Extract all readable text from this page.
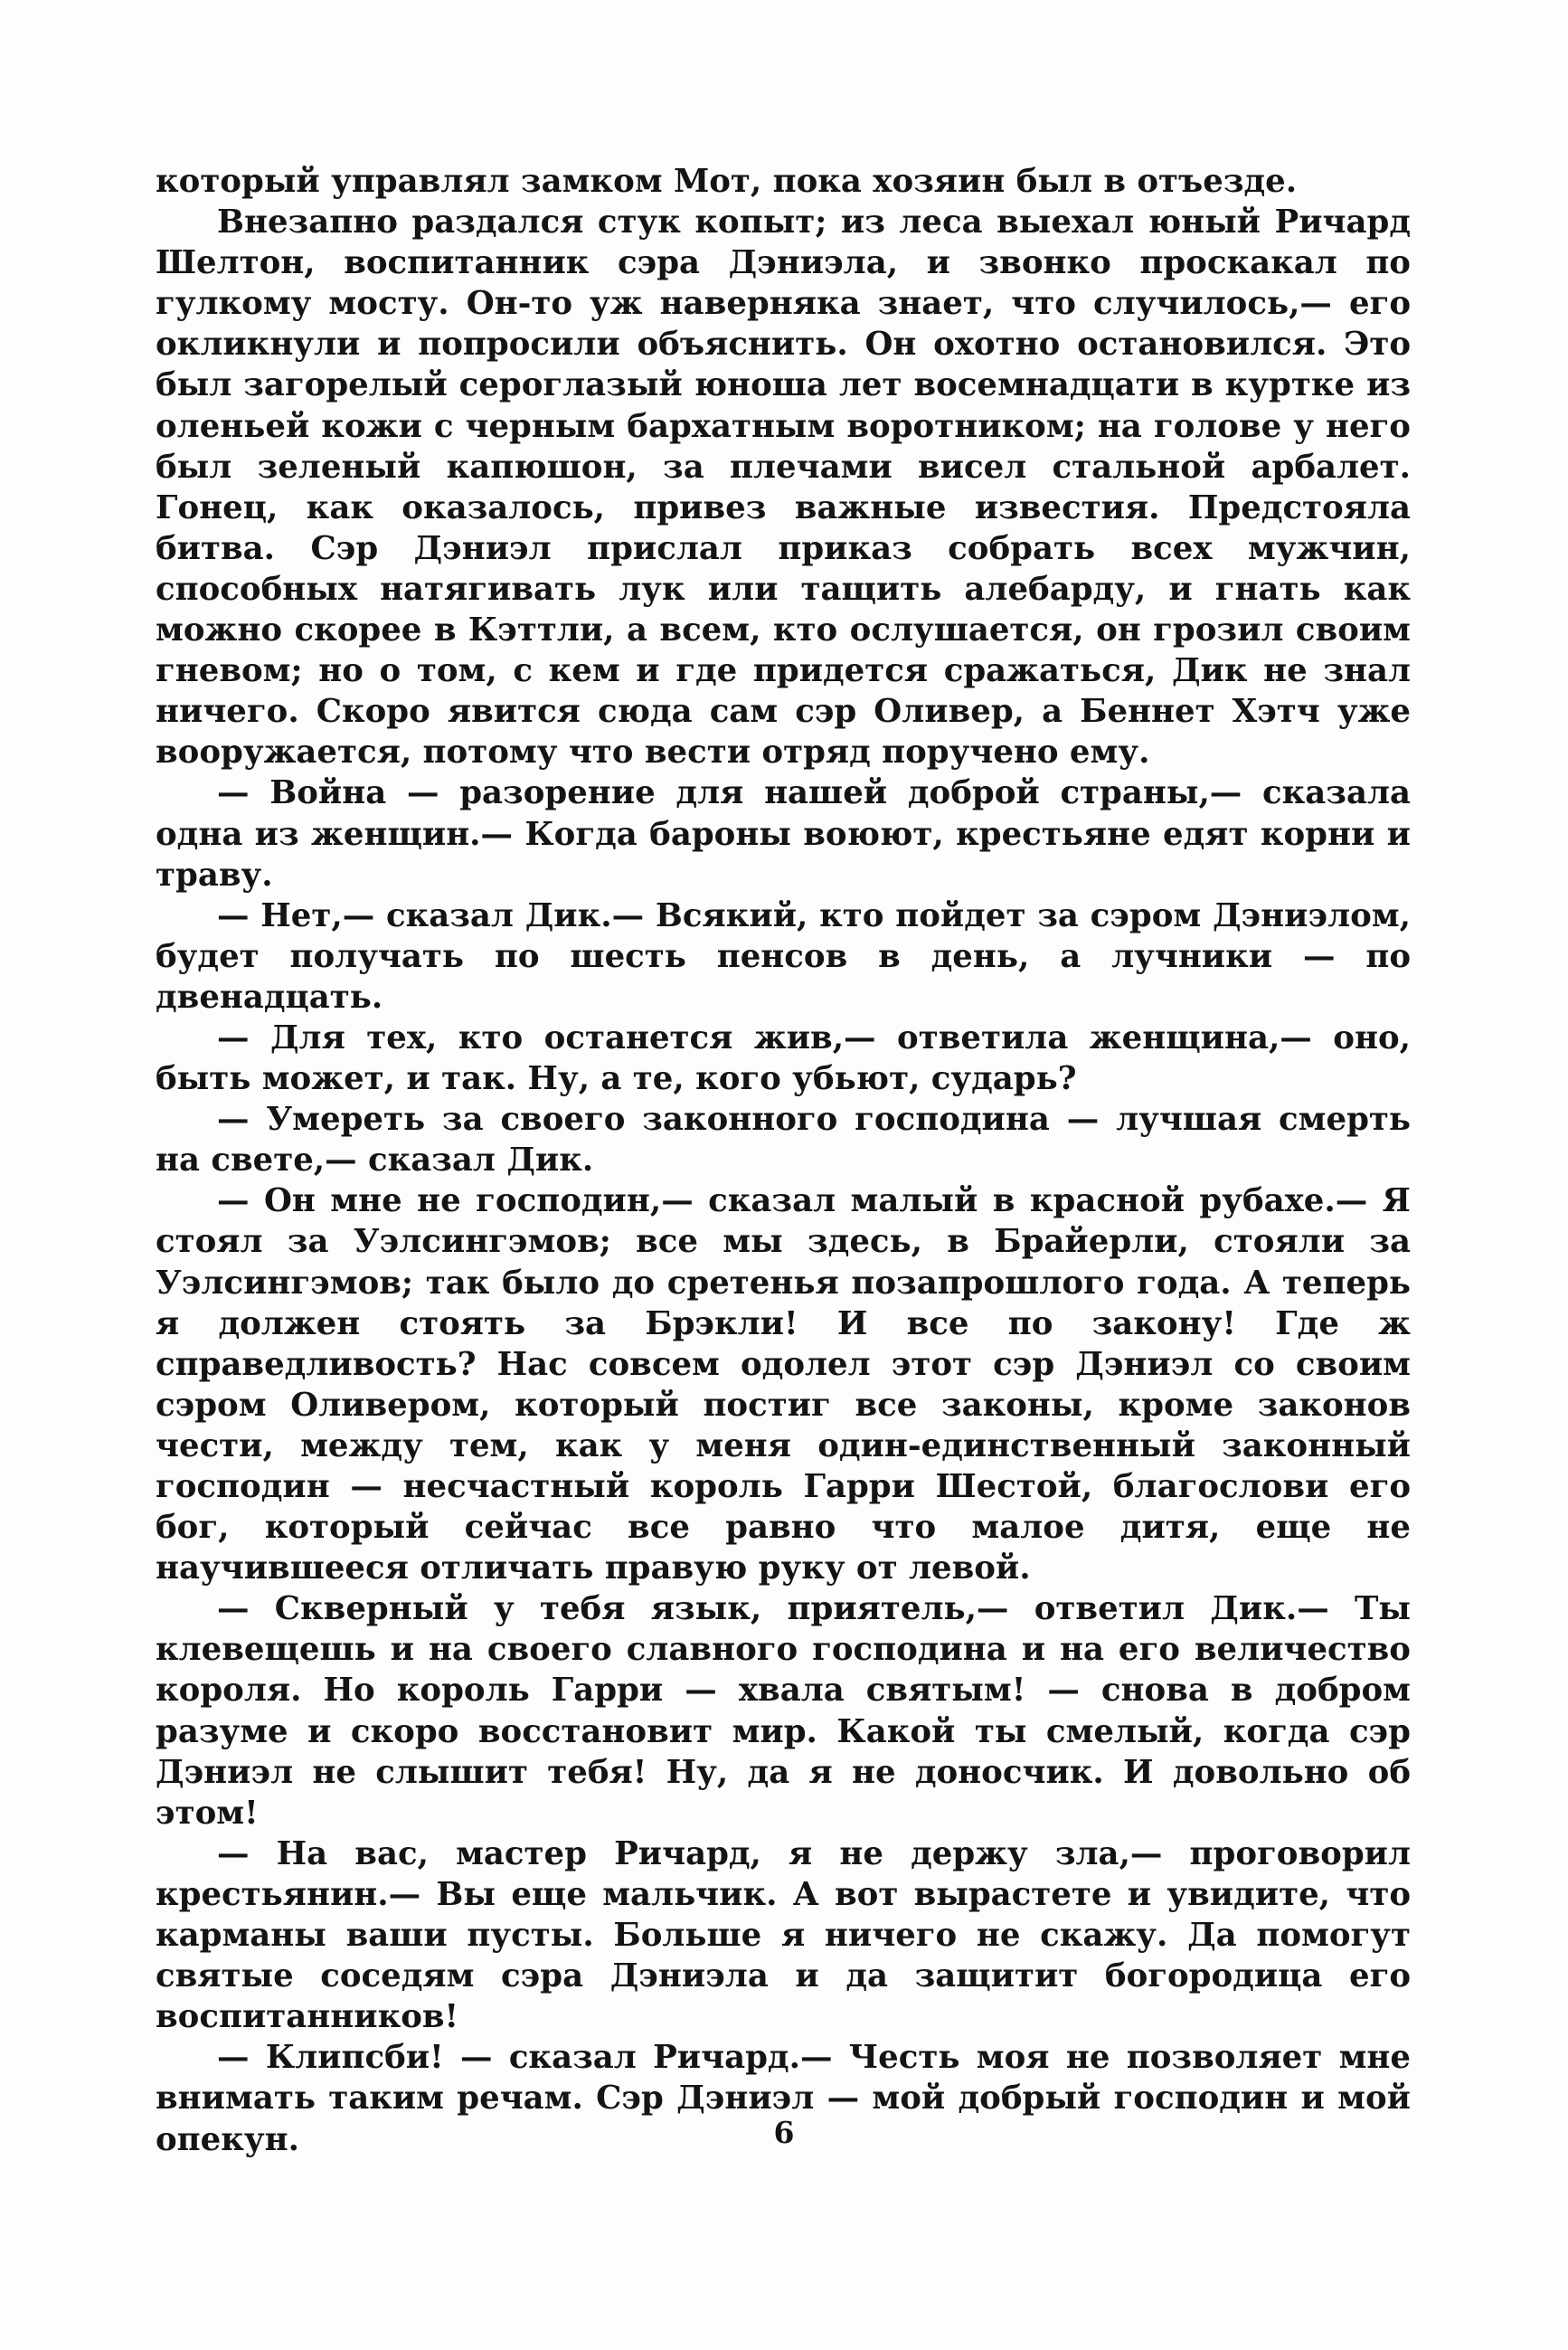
который управлял замком Мот, пока хозяин был в отъезде.

Внезапно раздался стук копыт; из леса выехал юный Ричард Шелтон, воспитанник сэра Дэниэла, и звонко проскакал по гулкому мосту. Он-то уж наверняка знает, что случилось,— его окликнули и попросили объяснить. Он охотно остановился. Это был загорелый сероглазый юноша лет восемнадцати в куртке из оленьей кожи с черным бархатным воротником; на голове у него был зеленый капюшон, за плечами висел стальной арбалет. Гонец, как оказалось, привез важные известия. Предстояла битва. Сэр Дэниэл прислал приказ собрать всех мужчин, способных натягивать лук или тащить алебарду, и гнать как можно скорее в Кэттли, а всем, кто ослушается, он грозил своим гневом; но о том, с кем и где придется сражаться, Дик не знал ничего. Скоро явится сюда сам сэр Оливер, а Беннет Хэтч уже вооружается, потому что вести отряд поручено ему.

— Война — разорение для нашей доброй страны,— сказала одна из женщин.— Когда бароны воюют, крестьяне едят корни и траву.

— Нет,— сказал Дик.— Всякий, кто пойдет за сэром Дэниэлом, будет получать по шесть пенсов в день, а лучники — по двенадцать.

— Для тех, кто останется жив,— ответила женщина,— оно, быть может, и так. Ну, а те, кого убьют, сударь?

— Умереть за своего законного господина — лучшая смерть на свете,— сказал Дик.

— Он мне не господин,— сказал малый в красной рубахе.— Я стоял за Уэлсингэмов; все мы здесь, в Брайерли, стояли за Уэлсингэмов; так было до сретенья позапрошлого года. А теперь я должен стоять за Брэкли! И все по закону! Где ж справедливость? Нас совсем одолел этот сэр Дэниэл со своим сэром Оливером, который постиг все законы, кроме законов чести, между тем, как у меня один-единственный законный господин — несчастный король Гарри Шестой, благослови его бог, который сейчас все равно что малое дитя, еще не научившееся отличать правую руку от левой.

— Скверный у тебя язык, приятель,— ответил Дик.— Ты клевещешь и на своего славного господина и на его величество короля. Но король Гарри — хвала святым! — снова в добром разуме и скоро восстановит мир. Какой ты смелый, когда сэр Дэниэл не слышит тебя! Ну, да я не доносчик. И довольно об этом!

— На вас, мастер Ричард, я не держу зла,— проговорил крестьянин.— Вы еще мальчик. А вот вырастете и увидите, что карманы ваши пусты. Больше я ничего не скажу. Да помогут святые соседям сэра Дэниэла и да защитит богородица его воспитанников!

— Клипсби! — сказал Ричард.— Честь моя не позволяет мне внимать таким речам. Сэр Дэниэл — мой добрый господин и мой опекун.	6
